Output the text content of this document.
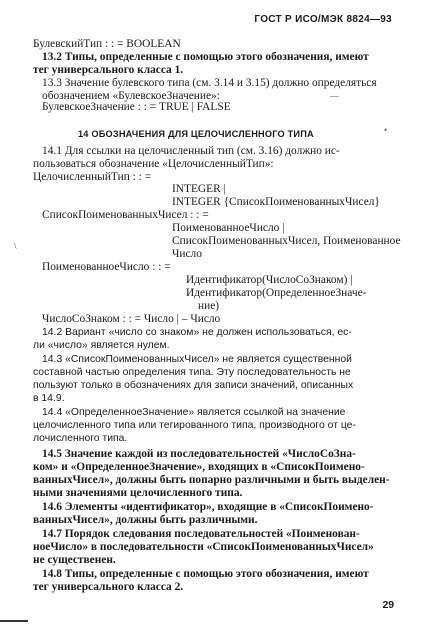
ГОСТ Р ИСО/МЭК 8824—93
БулевскийТип : : = BOOLEAN
13.2 Типы, определенные с помощью этого обозначения, имеют
тег универсального класса 1.
13.3 Значение булевского типа (см. 3.14 и 3.15) должно определяться обозначением «БулевскоеЗначение»:
БулевскоеЗначение : : = TRUE | FALSE
—
14 ОБОЗНАЧЕНИЯ ДЛЯ ЦЕЛОЧИСЛЕННОГО ТИПА	•
14.1 Для ссылки на целочисленный тип (см. 3.16) должно ис-
пользоваться обозначение «ЦелочисленныйТип»:
ЦелочисленныйТип : : =
INTEGER |
INTEGER {СписокПоименованныхЧисел}
СписокПоименованныхЧисел : : =
ПоименованноеЧисло |
СписокПоименованныхЧисел, Поименованное
Число
ПоименованноеЧисло : : =
Идентификатор(ЧислоСоЗнаком) |
Идентификатор(ОпределенноеЗначе-
ние)
ЧислоСоЗнаком : : = Число | – Число
\
14.2 Вариант «число со знаком» не должен использоваться, ес-
ли «число» является нулем.
14.3 «СписокПоименованныхЧисел» не является существенной
составной частью определения типа. Эту последовательность не
пользуют только в обозначениях для записи значений, описанных
в 14.9.
14.4 «ОпределенноеЗначение» является ссылкой на значение
целочисленного типа или тегированного типа, производного от це-
лочисленного типа.
14.5 Значение каждой из последовательностей «ЧислоСоЗна-
ком» и «ОпределенноеЗначение», входящих в «СписокПоимено-
ванныхЧисел», должны быть попарно различными и быть выделен-
ными значениями целочисленного типа.
14.6 Элементы «идентификатор», входящие в «СписокПоимено-
ванныхЧисел», должны быть различными.
14.7 Порядок следования последовательностей «Поименован-
ноеЧисло» в последовательности «СписокПоименованныхЧисел»
не существенен.
14.8 Типы, определенные с помощью этого обозначения, имеют
тег универсального класса 2.
29
